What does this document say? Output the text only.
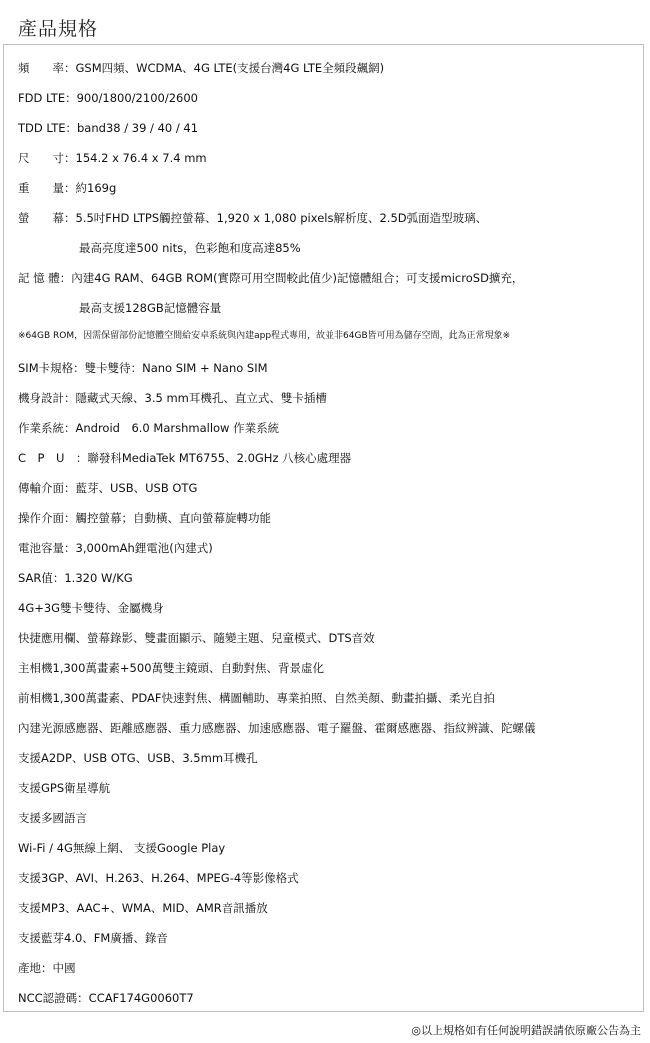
產品規格
頻　　率：GSM四頻、WCDMA、4G LTE(支援台灣4G LTE全頻段飆網)
FDD LTE：900/1800/2100/2600
TDD LTE：band38 / 39 / 40 / 41
尺　　寸：154.2 x 76.4 x 7.4 mm
重　　量：約169g
螢　　幕：5.5吋FHD LTPS觸控螢幕、1,920 x 1,080 pixels解析度、2.5D弧面造型玻璃、
最高亮度達500 nits，色彩飽和度高達85%
記 憶 體：內建4G RAM、64GB ROM(實際可用空間較此值少)記憶體組合；可支援microSD擴充，
最高支援128GB記憶體容量
※64GB ROM，因需保留部份記憶體空間給安卓系統與內建app程式專用，故並非64GB皆可用為儲存空間，此為正常現象※
SIM卡規格：雙卡雙待：Nano SIM + Nano SIM
機身設計：隱藏式天線、3.5 mm耳機孔、直立式、雙卡插槽
作業系統：Android　6.0 Marshmallow 作業系統
C　P　U　：聯發科MediaTek MT6755、2.0GHz 八核心處理器
傳輸介面：藍芽、USB、USB OTG
操作介面：觸控螢幕；自動橫、直向螢幕旋轉功能
電池容量：3,000mAh鋰電池(內建式)
SAR值：1.320 W/KG
4G+3G雙卡雙待、金屬機身
快捷應用欄、螢幕錄影、雙畫面顯示、隨變主題、兒童模式、DTS音效
主相機1,300萬畫素+500萬雙主鏡頭、自動對焦、背景虛化
前相機1,300萬畫素、PDAF快速對焦、構圖輔助、專業拍照、自然美顏、動畫拍攝、柔光自拍
內建光源感應器、距離感應器、重力感應器、加速感應器、電子羅盤、霍爾感應器、指紋辨識、陀螺儀
支援A2DP、USB OTG、USB、3.5mm耳機孔
支援GPS衛星導航
支援多國語言
Wi-Fi / 4G無線上網、 支援Google Play
支援3GP、AVI、H.263、H.264、MPEG-4等影像格式
支援MP3、AAC+、WMA、MID、AMR音訊播放
支援藍芽4.0、FM廣播、錄音
產地：中國
NCC認證碼：CCAF174G0060T7
◎以上規格如有任何說明錯誤請依原廠公告為主
